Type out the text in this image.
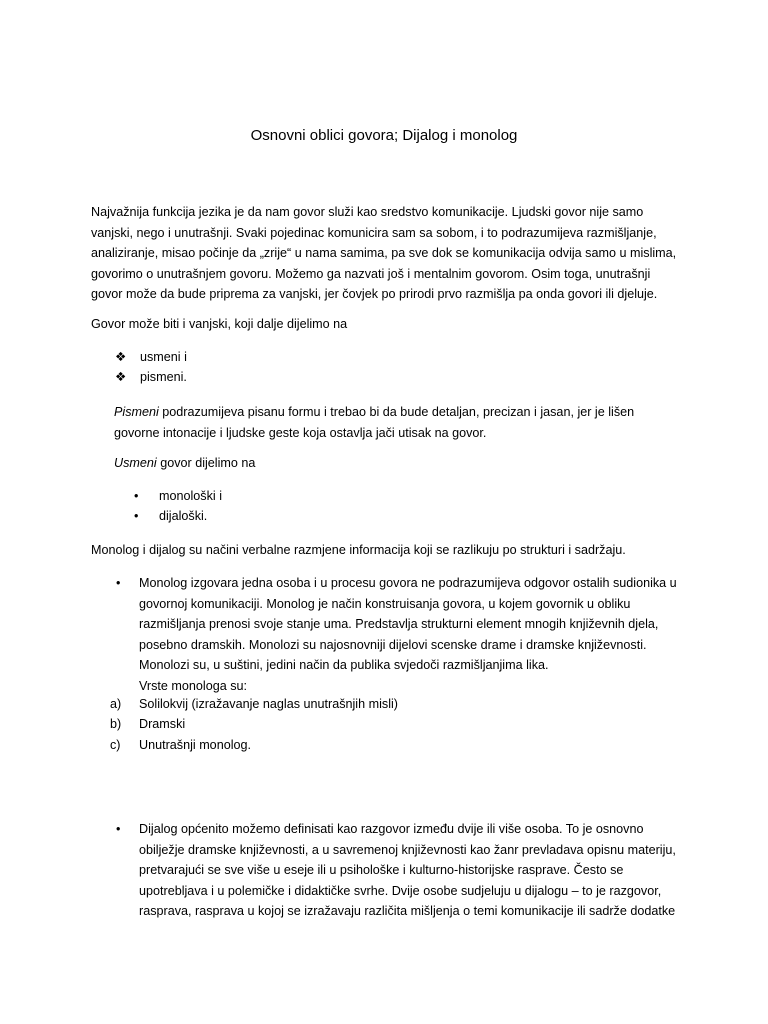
Osnovni oblici govora; Dijalog i monolog
Najvažnija funkcija jezika je da nam govor služi kao sredstvo komunikacije. Ljudski govor nije samo
vanjski, nego i unutrašnji. Svaki pojedinac komunicira sam sa sobom, i to podrazumijeva razmišljanje,
analiziranje, misao počinje da „zrije“ u nama samima, pa sve dok se komunikacija odvija samo u mislima,
govorimo o unutrašnjem govoru. Možemo ga nazvati još i mentalnim govorom. Osim toga, unutrašnji
govor može da bude priprema za vanjski, jer čovjek po prirodi prvo razmišlja pa onda govori ili djeluje.
Govor može biti i vanjski, koji dalje dijelimo na
❖ usmeni i
❖ pismeni.
Pismeni podrazumijeva pisanu formu i trebao bi da bude detaljan, precizan i jasan, jer je lišen
govorne intonacije i ljudske geste koja ostavlja jači utisak na govor.
Usmeni govor dijelimo na
• monološki i
• dijaloški.
Monolog i dijalog su načini verbalne razmjene informacija koji se razlikuju po strukturi i sadržaju.
• Monolog izgovara jedna osoba i u procesu govora ne podrazumijeva odgovor ostalih sudionika u
govornoj komunikaciji. Monolog je način konstruisanja govora, u kojem govornik u obliku
razmišljanja prenosi svoje stanje uma. Predstavlja strukturni element mnogih književnih djela,
posebno dramskih. Monolozi su najosnovniji dijelovi scenske drame i dramske književnosti.
Monolozi su, u suštini, jedini način da publika svjedoči razmišljanjima lika.
Vrste monologa su:
a) Solilokvij (izražavanje naglas unutrašnjih misli)
b) Dramski
c) Unutrašnji monolog.
• Dijalog općenito možemo definisati kao razgovor između dvije ili više osoba. To je osnovno
obilježje dramske književnosti, a u savremenoj književnosti kao žanr prevladava opisnu materiju,
pretvarajući se sve više u eseje ili u psihološke i kulturno-historijske rasprave. Često se
upotrebljava i u polemičke i didaktičke svrhe. Dvije osobe sudjeluju u dijalogu – to je razgovor,
rasprava, rasprava u kojoj se izražavaju različita mišljenja o temi komunikacije ili sadrže dodatke
